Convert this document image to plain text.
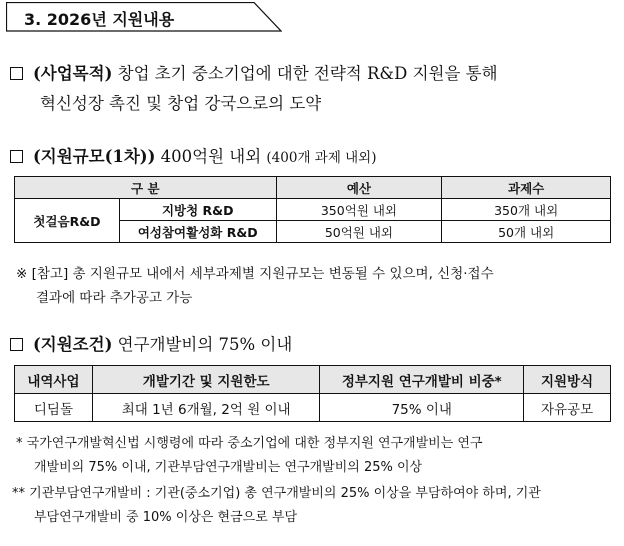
3. 2026년 지원내용
(사업목적) 창업 초기 중소기업에 대한 전략적 R&D 지원을 통해
혁신성장 촉진 및 창업 강국으로의 도약
(지원규모(1차)) 400억원 내외 (400개 과제 내외)
구 분		예산	과제수
첫걸음R&D	지방청 R&D	350억원 내외	350개 내외
	여성참여활성화 R&D	50억원 내외	50개 내외
※ [참고] 총 지원규모 내에서 세부과제별 지원규모는 변동될 수 있으며, 신청·접수
결과에 따라 추가공고 가능
(지원조건) 연구개발비의 75% 이내
내역사업	개발기간 및 지원한도	정부지원 연구개발비 비중*	지원방식
디딤돌	최대 1년 6개월, 2억 원 이내	75% 이내	자유공모
* 국가연구개발혁신법 시행령에 따라 중소기업에 대한 정부지원 연구개발비는 연구
개발비의 75% 이내, 기관부담연구개발비는 연구개발비의 25% 이상
** 기관부담연구개발비 : 기관(중소기업) 총 연구개발비의 25% 이상을 부담하여야 하며, 기관
부담연구개발비 중 10% 이상은 현금으로 부담
